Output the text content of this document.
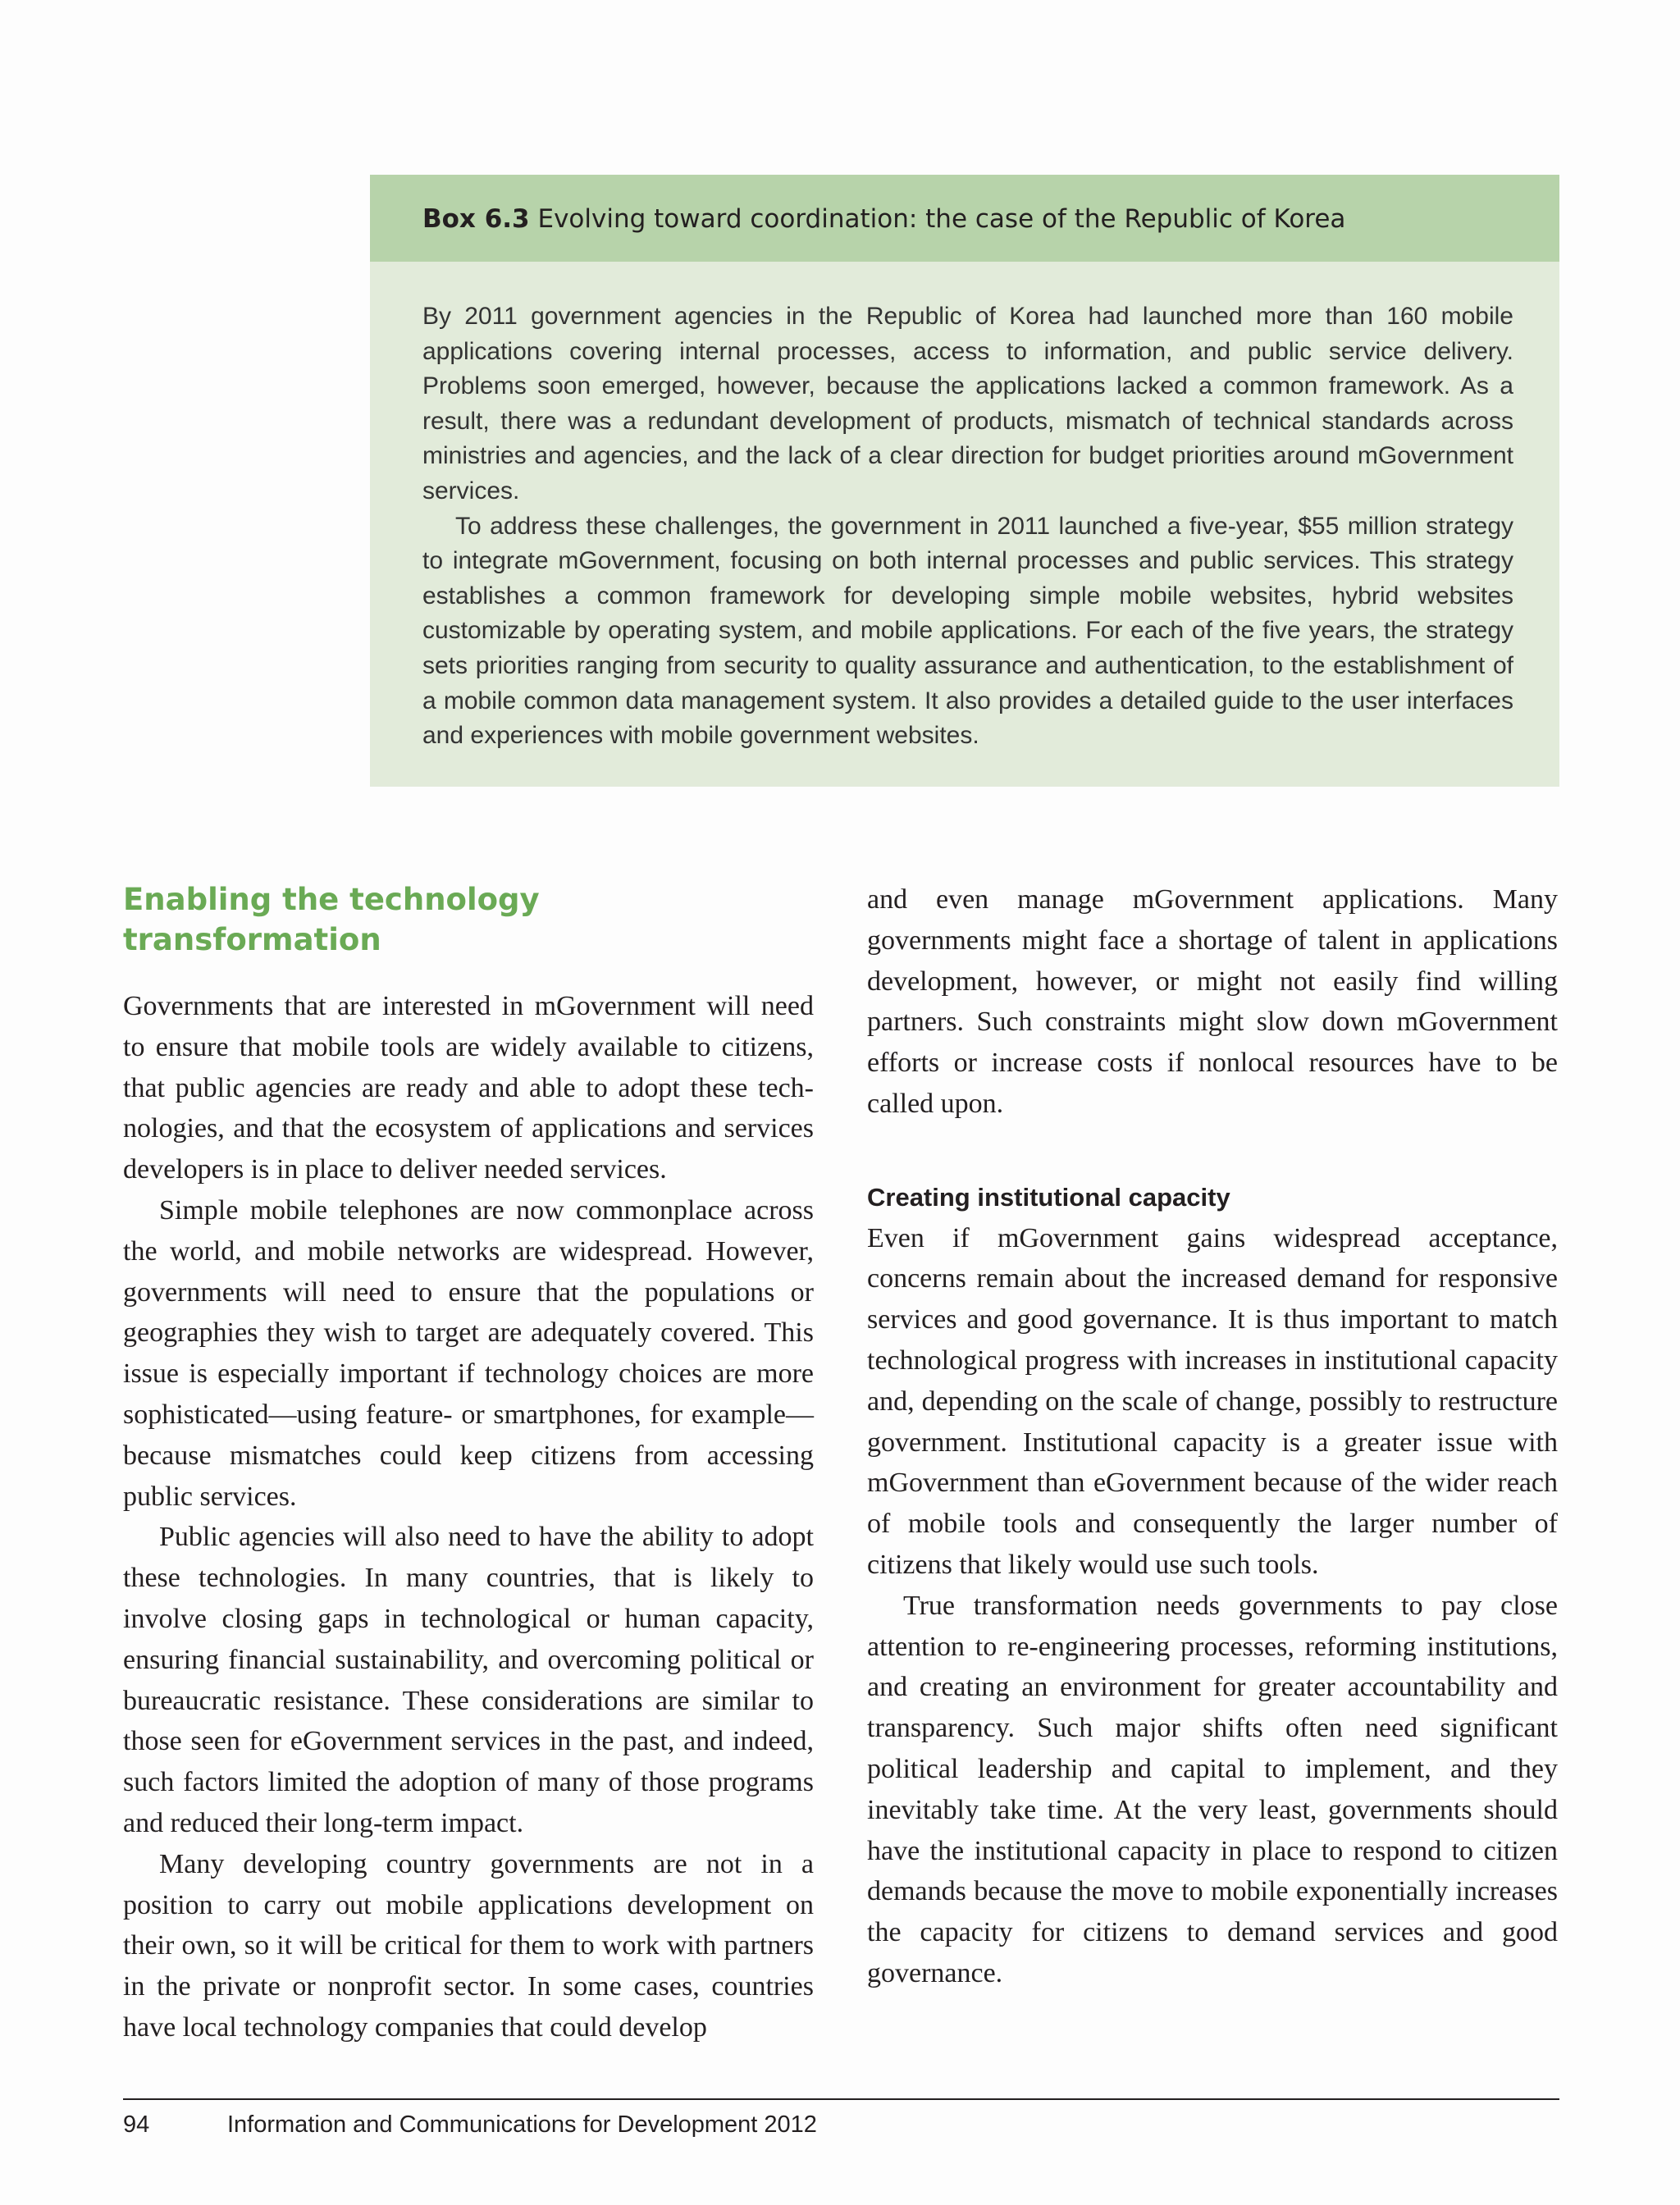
Box 6.3 Evolving toward coordination: the case of the Republic of Korea

By 2011 government agencies in the Republic of Korea had launched more than 160 mobile applications covering internal processes, access to information, and public service delivery. Problems soon emerged, however, because the applications lacked a common framework. As a result, there was a redundant development of products, mismatch of technical standards across ministries and agencies, and the lack of a clear direction for budget priorities around mGovernment services.

To address these challenges, the government in 2011 launched a five-year, $55 million strategy to integrate mGovernment, focusing on both internal processes and public services. This strategy establishes a common framework for developing simple mobile websites, hybrid websites customizable by operating system, and mobile applications. For each of the five years, the strategy sets priorities ranging from security to quality assurance and authentication, to the establishment of a mobile common data management system. It also provides a detailed guide to the user interfaces and experiences with mobile government websites.

Enabling the technology
transformation

Governments that are interested in mGovernment will need to ensure that mobile tools are widely available to citizens, that public agencies are ready and able to adopt these technologies, and that the ecosystem of applications and services developers is in place to deliver needed services.

Simple mobile telephones are now commonplace across the world, and mobile networks are widespread. However, governments will need to ensure that the populations or geographies they wish to target are adequately covered. This issue is especially important if technology choices are more sophisticated—using feature- or smartphones, for example—because mismatches could keep citizens from accessing public services.

Public agencies will also need to have the ability to adopt these technologies. In many countries, that is likely to involve closing gaps in technological or human capacity, ensuring financial sustainability, and overcoming political or bureaucratic resistance. These considerations are similar to those seen for eGovernment services in the past, and indeed, such factors limited the adoption of many of those programs and reduced their long-term impact.

Many developing country governments are not in a position to carry out mobile applications development on their own, so it will be critical for them to work with partners in the private or nonprofit sector. In some cases, countries have local technology companies that could develop

and even manage mGovernment applications. Many governments might face a shortage of talent in applications development, however, or might not easily find willing partners. Such constraints might slow down mGovernment efforts or increase costs if nonlocal resources have to be called upon.

Creating institutional capacity

Even if mGovernment gains widespread acceptance, concerns remain about the increased demand for responsive services and good governance. It is thus important to match technological progress with increases in institutional capacity and, depending on the scale of change, possibly to restructure government. Institutional capacity is a greater issue with mGovernment than eGovernment because of the wider reach of mobile tools and consequently the larger number of citizens that likely would use such tools.

True transformation needs governments to pay close attention to re-engineering processes, reforming institutions, and creating an environment for greater accountability and transparency. Such major shifts often need significant political leadership and capital to implement, and they inevitably take time. At the very least, governments should have the institutional capacity in place to respond to citizen demands because the move to mobile exponentially increases the capacity for citizens to demand services and good governance.

94	Information and Communications for Development 2012
